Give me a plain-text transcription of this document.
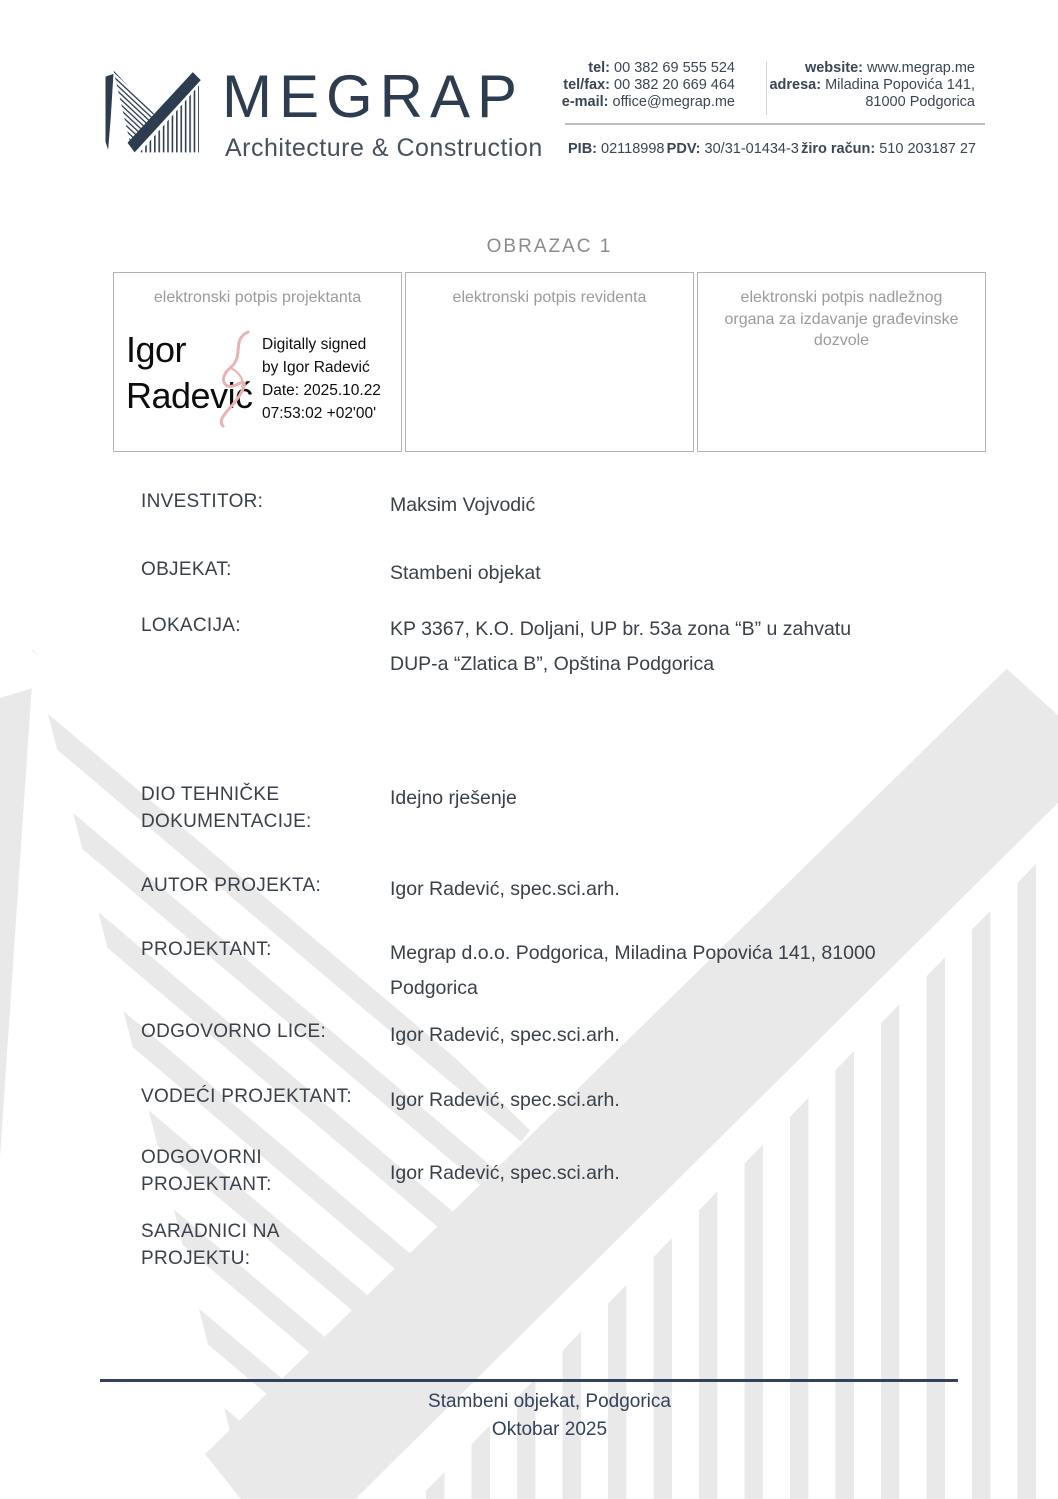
MEGRAP
Architecture & Construction
tel: 00 382 69 555 524
tel/fax: 00 382 20 669 464
e-mail: office@megrap.me
website: www.megrap.me
adresa: Miladina Popovića 141,
81000 Podgorica
PIB: 02118998 PDV: 30/31-01434-3 žiro račun: 510 203187 27
OBRAZAC 1
elektronski potpis projektanta
Igor
Radević
Digitally signed
by Igor Radević
Date: 2025.10.22
07:53:02 +02'00'
elektronski potpis revidenta	elektronski potpis nadležnog organa za izdavanje građevinske dozvole
INVESTITOR:	Maksim Vojvodić
OBJEKAT:	Stambeni objekat
LOKACIJA:	KP 3367, K.O. Doljani, UP br. 53a zona “B” u zahvatu DUP-a “Zlatica B”, Opština Podgorica
DIO TEHNIČKE DOKUMENTACIJE:
Idejno rješenje
AUTOR PROJEKTA:	Igor Radević, spec.sci.arh.
PROJEKTANT:	Megrap d.o.o. Podgorica, Miladina Popovića 141, 81000 Podgorica
ODGOVORNO LICE:	Igor Radević, spec.sci.arh.
VODEĆI PROJEKTANT:	Igor Radević, spec.sci.arh.
ODGOVORNI PROJEKTANT:
Igor Radević, spec.sci.arh.
SARADNICI NA PROJEKTU:
Stambeni objekat, Podgorica
Oktobar 2025
